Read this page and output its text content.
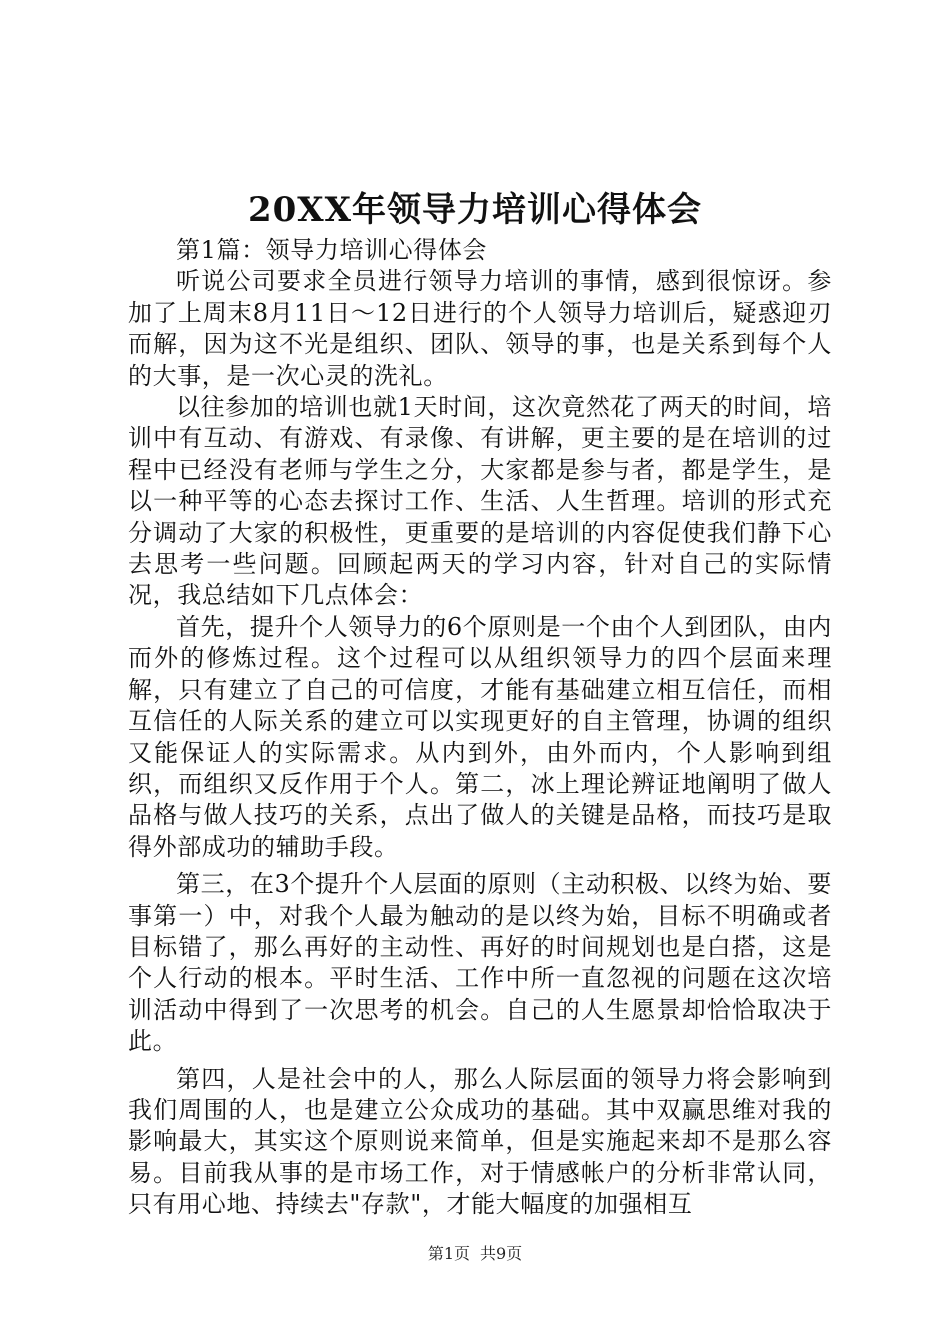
20XX年领导力培训心得体会

第1篇：领导力培训心得体会

听说公司要求全员进行领导力培训的事情，感到很惊讶。参加了上周末8月11日～12日进行的个人领导力培训后，疑惑迎刃而解，因为这不光是组织、团队、领导的事，也是关系到每个人的大事，是一次心灵的洗礼。

以往参加的培训也就1天时间，这次竟然花了两天的时间，培训中有互动、有游戏、有录像、有讲解，更主要的是在培训的过程中已经没有老师与学生之分，大家都是参与者，都是学生，是以一种平等的心态去探讨工作、生活、人生哲理。培训的形式充分调动了大家的积极性，更重要的是培训的内容促使我们静下心去思考一些问题。回顾起两天的学习内容，针对自己的实际情况，我总结如下几点体会：

首先，提升个人领导力的6个原则是一个由个人到团队，由内而外的修炼过程。这个过程可以从组织领导力的四个层面来理解，只有建立了自己的可信度，才能有基础建立相互信任，而相互信任的人际关系的建立可以实现更好的自主管理，协调的组织又能保证人的实际需求。从内到外，由外而内，个人影响到组织，而组织又反作用于个人。第二，冰上理论辨证地阐明了做人品格与做人技巧的关系，点出了做人的关键是品格，而技巧是取得外部成功的辅助手段。

第三，在3个提升个人层面的原则（主动积极、以终为始、要事第一）中，对我个人最为触动的是以终为始，目标不明确或者目标错了，那么再好的主动性、再好的时间规划也是白搭，这是个人行动的根本。平时生活、工作中所一直忽视的问题在这次培训活动中得到了一次思考的机会。自己的人生愿景却恰恰取决于此。

第四，人是社会中的人，那么人际层面的领导力将会影响到我们周围的人，也是建立公众成功的基础。其中双赢思维对我的影响最大，其实这个原则说来简单，但是实施起来却不是那么容易。目前我从事的是市场工作，对于情感帐户的分析非常认同，只有用心地、持续去"存款"，才能大幅度的加强相互

第1页 共9页
